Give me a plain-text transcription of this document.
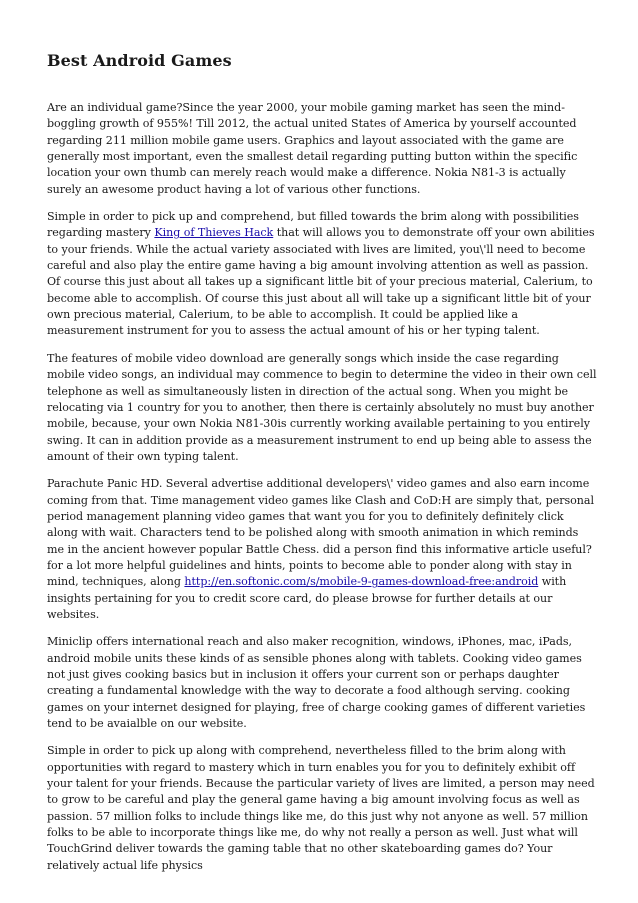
Best Android Games

Are an individual game?Since the year 2000, your mobile gaming market has seen the mind-boggling growth of 955%! Till 2012, the actual united States of America by yourself accounted regarding 211 million mobile game users. Graphics and layout associated with the game are generally most important, even the smallest detail regarding putting button within the specific location your own thumb can merely reach would make a difference. Nokia N81-3 is actually surely an awesome product having a lot of various other functions.

Simple in order to pick up and comprehend, but filled towards the brim along with possibilities regarding mastery King of Thieves Hack that will allows you to demonstrate off your own abilities to your friends. While the actual variety associated with lives are limited, you\'ll need to become careful and also play the entire game having a big amount involving attention as well as passion. Of course this just about all takes up a significant little bit of your precious material, Calerium, to become able to accomplish. Of course this just about all will take up a significant little bit of your own precious material, Calerium, to be able to accomplish. It could be applied like a measurement instrument for you to assess the actual amount of his or her typing talent.

The features of mobile video download are generally songs which inside the case regarding mobile video songs, an individual may commence to begin to determine the video in their own cell telephone as well as simultaneously listen in direction of the actual song. When you might be relocating via 1 country for you to another, then there is certainly absolutely no must buy another mobile, because, your own Nokia N81-30is currently working available pertaining to you entirely swing. It can in addition provide as a measurement instrument to end up being able to assess the amount of their own typing talent.

Parachute Panic HD. Several advertise additional developers\' video games and also earn income coming from that. Time management video games like Clash and CoD:H are simply that, personal period management planning video games that want you for you to definitely definitely click along with wait. Characters tend to be polished along with smooth animation in which reminds me in the ancient however popular Battle Chess. did a person find this informative article useful? for a lot more helpful guidelines and hints, points to become able to ponder along with stay in mind, techniques, along http://en.softonic.com/s/mobile-9-games-download-free:android with insights pertaining for you to credit score card, do please browse for further details at our websites.

Miniclip offers international reach and also maker recognition, windows, iPhones, mac, iPads, android mobile units these kinds of as sensible phones along with tablets. Cooking video games not just gives cooking basics but in inclusion it offers your current son or perhaps daughter creating a fundamental knowledge with the way to decorate a food although serving. cooking games on your internet designed for playing, free of charge cooking games of different varieties tend to be avaialble on our website.

Simple in order to pick up along with comprehend, nevertheless filled to the brim along with opportunities with regard to mastery which in turn enables you for you to definitely exhibit off your talent for your friends. Because the particular variety of lives are limited, a person may need to grow to be careful and play the general game having a big amount involving focus as well as passion. 57 million folks to include things like me, do this just why not anyone as well. 57 million folks to be able to incorporate things like me, do why not really a person as well. Just what will TouchGrind deliver towards the gaming table that no other skateboarding games do? Your relatively actual life physics
